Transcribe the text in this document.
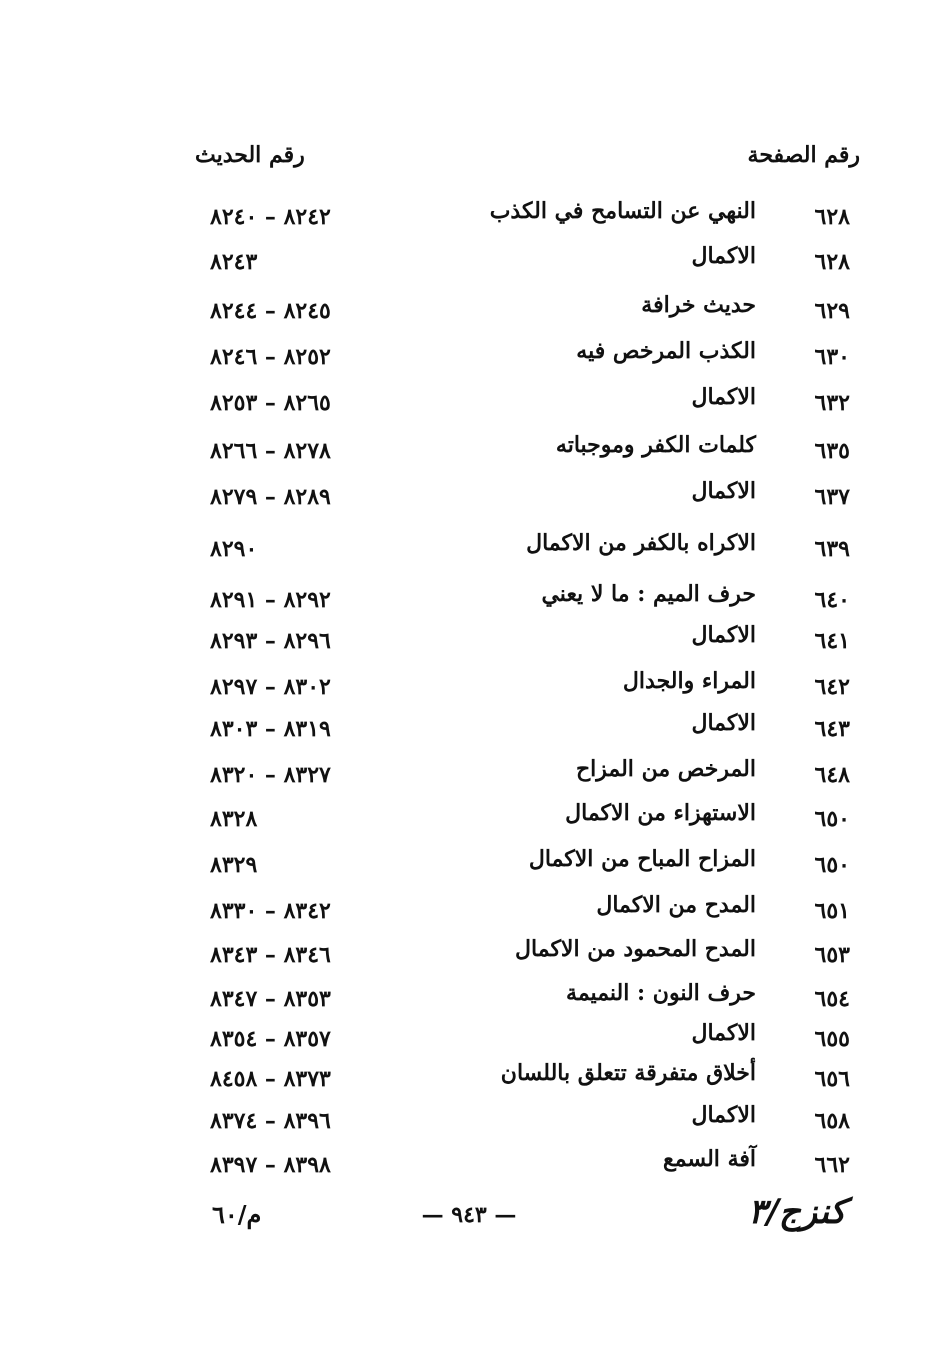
رقم الصفحة
رقم الحديث
٦٢٨
النهي عن التسامح في الكذب
٨٢٤٢ – ٨٢٤٠
٦٢٨
الاكمال
٨٢٤٣
٦٢٩
حديث خرافة
٨٢٤٥ – ٨٢٤٤
٦٣٠
الكذب المرخص فيه
٨٢٥٢ – ٨٢٤٦
٦٣٢
الاكمال
٨٢٦٥ – ٨٢٥٣
٦٣٥
كلمات الكفر وموجباته
٨٢٧٨ – ٨٢٦٦
٦٣٧
الاكمال
٨٢٨٩ – ٨٢٧٩
٦٣٩
الاكراه بالكفر من الاكمال
٨٢٩٠
٦٤٠
حرف الميم : ما لا يعني
٨٢٩٢ – ٨٢٩١
٦٤١
الاكمال
٨٢٩٦ – ٨٢٩٣
٦٤٢
المراء والجدال
٨٣٠٢ – ٨٢٩٧
٦٤٣
الاكمال
٨٣١٩ – ٨٣٠٣
٦٤٨
المرخص من المزاح
٨٣٢٧ – ٨٣٢٠
٦٥٠
الاستهزاء من الاكمال
٨٣٢٨
٦٥٠
المزاح المباح من الاكمال
٨٣٢٩
٦٥١
المدح من الاكمال
٨٣٤٢ – ٨٣٣٠
٦٥٣
المدح المحمود من الاكمال
٨٣٤٦ – ٨٣٤٣
٦٥٤
حرف النون : النميمة
٨٣٥٣ – ٨٣٤٧
٦٥٥
الاكمال
٨٣٥٧ – ٨٣٥٤
٦٥٦
أخلاق متفرقة تتعلق باللسان
٨٣٧٣ – ٨٤٥٨
٦٥٨
الاكمال
٨٣٩٦ – ٨٣٧٤
٦٦٢
آفة السمع
٨٣٩٨ – ٨٣٩٧
كنزج/٣
— ٩٤٣ —
م/٦٠
